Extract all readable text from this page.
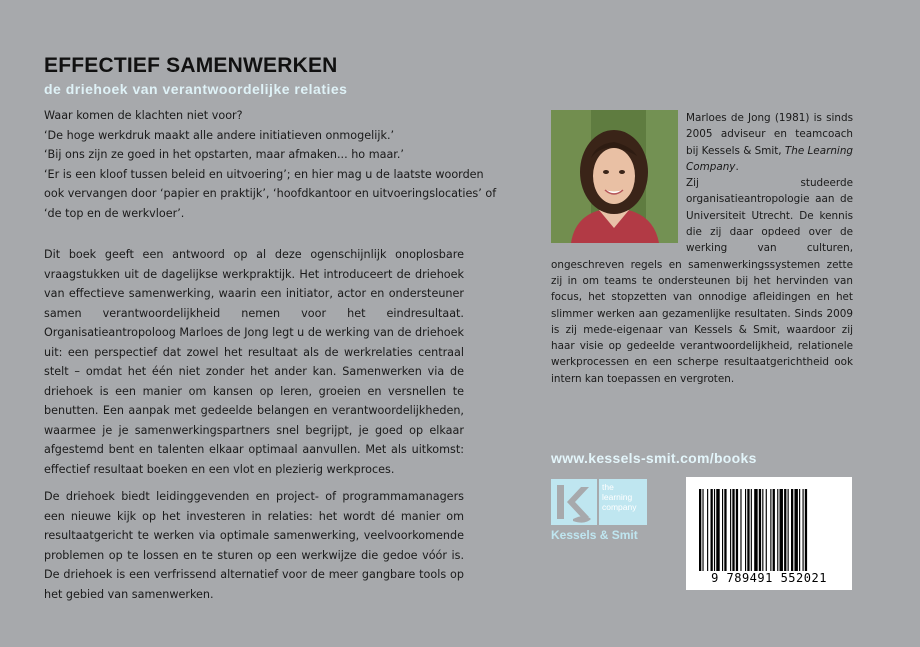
EFFECTIEF SAMENWERKEN
de driehoek van verantwoordelijke relaties
Waar komen de klachten niet voor?
‘De hoge werkdruk maakt alle andere initiatieven onmogelijk.’
‘Bij ons zijn ze goed in het opstarten, maar afmaken... ho maar.’
‘Er is een kloof tussen beleid en uitvoering’; en hier mag u de laatste woorden
ook vervangen door ‘papier en praktijk’, ‘hoofdkantoor en uitvoeringslocaties’ of
‘de top en de werkvloer’.

Dit boek geeft een antwoord op al deze ogenschijnlijk onoplosbare vraagstukken uit de dagelijkse werkpraktijk. Het introduceert de driehoek van effectieve samenwerking, waarin een initiator, actor en ondersteuner samen verantwoordelijkheid nemen voor het eindresultaat. Organisatieantropoloog Marloes de Jong legt u de werking van de driehoek uit: een perspectief dat zowel het resultaat als de werkrelaties centraal stelt – omdat het één niet zonder het ander kan. Samenwerken via de driehoek is een manier om kansen op leren, groeien en versnellen te benutten. Een aanpak met gedeelde belangen en verantwoordelijkheden, waarmee je je samenwerkingspartners snel begrijpt, je goed op elkaar afgestemd bent en talenten elkaar optimaal aanvullen. Met als uitkomst: effectief resultaat boeken en een vlot en plezierig werkproces.

De driehoek biedt leidinggevenden en project- of programmamanagers een nieuwe kijk op het investeren in relaties: het wordt dé manier om resultaatgericht te werken via optimale samenwerking, veelvoorkomende problemen op te lossen en te sturen op een werkwijze die gedoe vóór is. De driehoek is een verfrissend alternatief voor de meer gangbare tools op het gebied van samenwerken.

Marloes de Jong (1981) is sinds 2005 adviseur en teamcoach bij Kessels & Smit, The Learning Company.

Zij studeerde organisatieantropologie aan de Universiteit Utrecht. De kennis die zij daar opdeed over de werking van culturen, ongeschreven regels en samenwerkingssystemen zette zij in om teams te ondersteunen bij het hervinden van focus, het stopzetten van onnodige afleidingen en het slimmer werken aan gezamenlijke resultaten. Sinds 2009 is zij mede-eigenaar van Kessels & Smit, waardoor zij haar visie op gedeelde verantwoordelijkheid, relationele werkprocessen en een scherpe resultaatgerichtheid ook intern kan toepassen en vergroten.

www.kessels-smit.com/books
the learning company
Kessels & Smit
9 789491 552021
